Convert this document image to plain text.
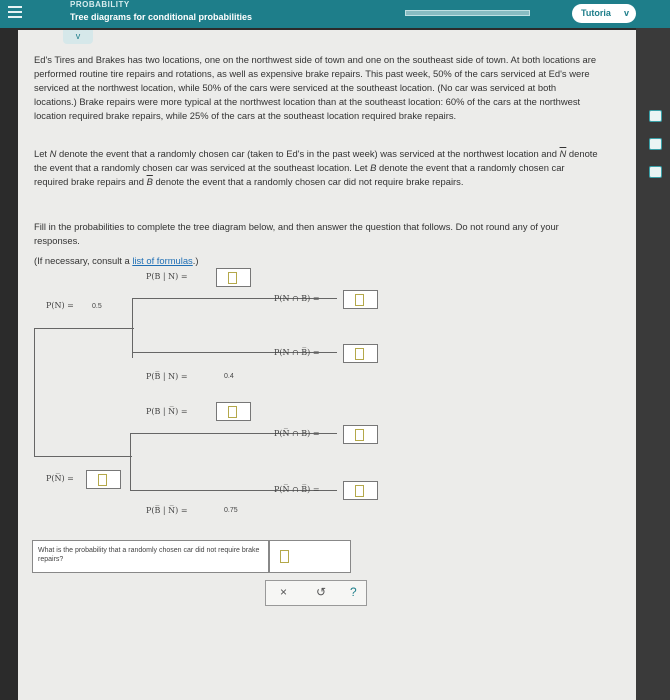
PROBABILITY
Tree diagrams for conditional probabilities	Tutoria v
v
Ed's Tires and Brakes has two locations, one on the northwest side of town and one on the southeast side of town. At both locations are performed routine tire repairs and rotations, as well as expensive brake repairs. This past week, 50% of the cars serviced at Ed's were serviced at the northwest location, while 50% of the cars were serviced at the southeast location. (No car was serviced at both locations.) Brake repairs were more typical at the northwest location than at the southeast location: 60% of the cars at the northwest location required brake repairs, while 25% of the cars at the southeast location required brake repairs.
Let N denote the event that a randomly chosen car (taken to Ed's in the past week) was serviced at the northwest location and $\overline{N}$ denote the event that a randomly chosen car was serviced at the southeast location. Let B denote the event that a randomly chosen car required brake repairs and $\overline{B}$ denote the event that a randomly chosen car did not require brake repairs.
Fill in the probabilities to complete the tree diagram below, and then answer the question that follows. Do not round any of your responses.
(If necessary, consult a list of formulas.)
P(N) =	0.5
P(N̅) =
P(B | N) =
P(B̅ | N) =	0.4
P(B | N̅) =
P(B̅ | N̅) =	0.75
P(N ∩ B) =
P(N ∩ B̅) =
P(N̅ ∩ B) =
P(N̅ ∩ B̅) =
What is the probability that a randomly chosen car did not require brake repairs?
× ↺ ?
